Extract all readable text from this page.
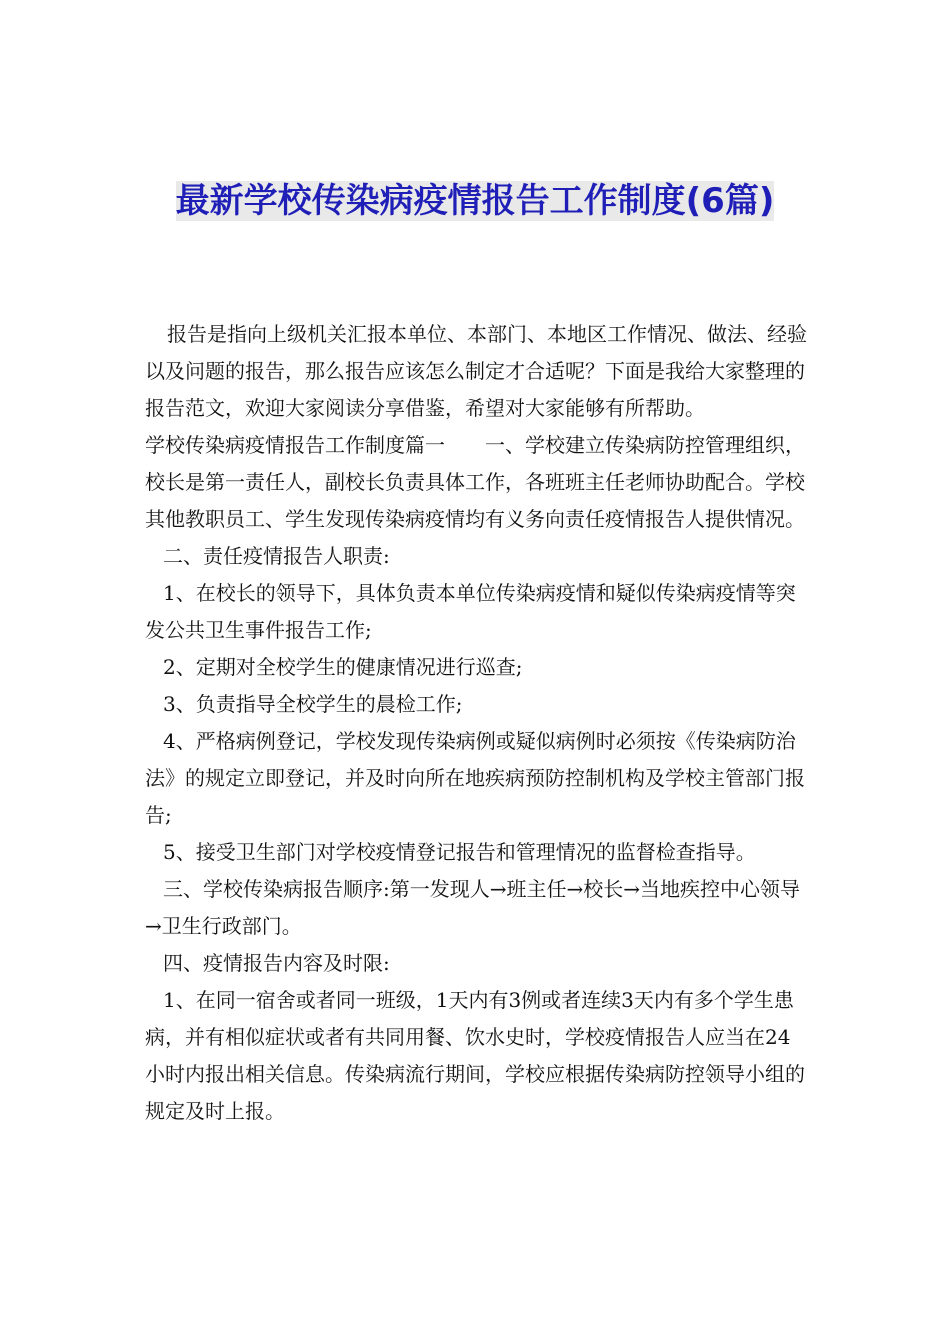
最新学校传染病疫情报告工作制度(6篇)

报告是指向上级机关汇报本单位、本部门、本地区工作情况、做法、经验以及问题的报告，那么报告应该怎么制定才合适呢？下面是我给大家整理的报告范文，欢迎大家阅读分享借鉴，希望对大家能够有所帮助。

学校传染病疫情报告工作制度篇一　　一、学校建立传染病防控管理组织，校长是第一责任人，副校长负责具体工作，各班班主任老师协助配合。学校其他教职员工、学生发现传染病疫情均有义务向责任疫情报告人提供情况。

二、责任疫情报告人职责:

1、在校长的领导下，具体负责本单位传染病疫情和疑似传染病疫情等突发公共卫生事件报告工作;

2、定期对全校学生的健康情况进行巡查;

3、负责指导全校学生的晨检工作;

4、严格病例登记，学校发现传染病例或疑似病例时必须按《传染病防治法》的规定立即登记，并及时向所在地疾病预防控制机构及学校主管部门报告;

5、接受卫生部门对学校疫情登记报告和管理情况的监督检查指导。

三、学校传染病报告顺序:第一发现人→班主任→校长→当地疾控中心领导→卫生行政部门。

四、疫情报告内容及时限:

1、在同一宿舍或者同一班级，1天内有3例或者连续3天内有多个学生患病，并有相似症状或者有共同用餐、饮水史时，学校疫情报告人应当在24小时内报出相关信息。传染病流行期间，学校应根据传染病防控领导小组的规定及时上报。
